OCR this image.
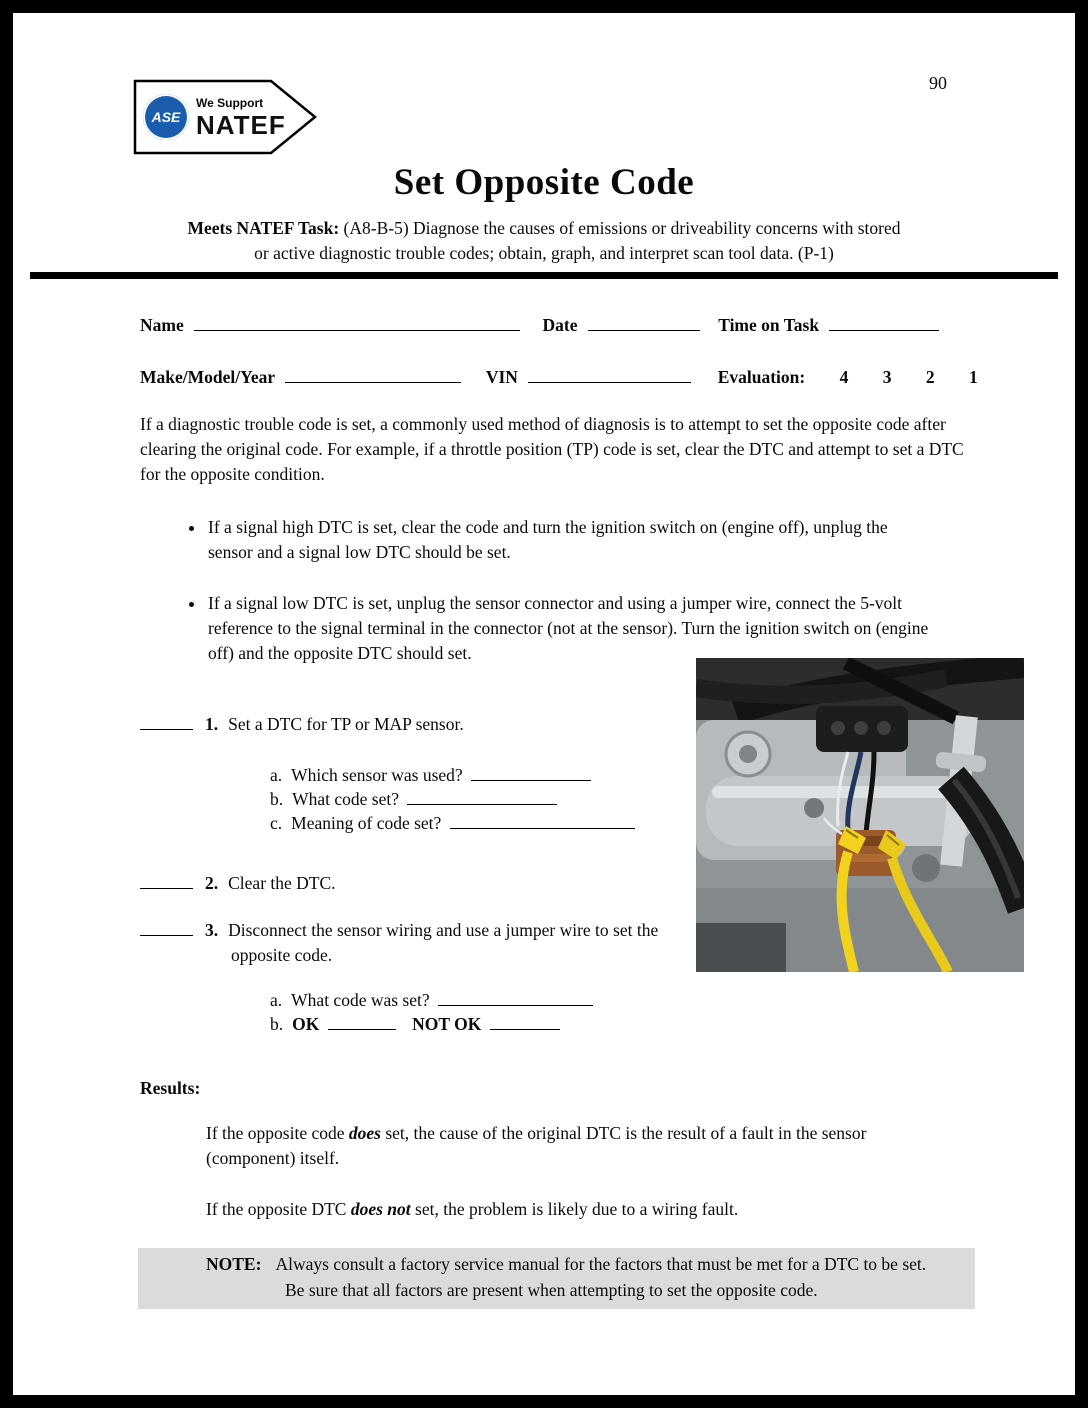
ASE
We Support
NATEF
90
Set Opposite Code
Meets NATEF Task: (A8-B-5) Diagnose the causes of emissions or driveability concerns with stored
or active diagnostic trouble codes; obtain, graph, and interpret scan tool data. (P-1)
Name	Date	Time on Task
Make/Model/Year	VIN	Evaluation: 4 3 2 1
If a diagnostic trouble code is set, a commonly used method of diagnosis is to attempt to set the opposite code after clearing the original code. For example, if a throttle position (TP) code is set, clear the DTC and attempt to set a DTC for the opposite condition.
• If a signal high DTC is set, clear the code and turn the ignition switch on (engine off), unplug the sensor and a signal low DTC should be set.
• If a signal low DTC is set, unplug the sensor connector and using a jumper wire, connect the 5-volt reference to the signal terminal in the connector (not at the sensor). Turn the ignition switch on (engine off) and the opposite DTC should set.
1. Set a DTC for TP or MAP sensor.
a. Which sensor was used?
b. What code set?
c. Meaning of code set?
2. Clear the DTC.
3. Disconnect the sensor wiring and use a jumper wire to set the opposite code.
a. What code was set?
b. OK	NOT OK
Results:
If the opposite code does set, the cause of the original DTC is the result of a fault in the sensor (component) itself.
If the opposite DTC does not set, the problem is likely due to a wiring fault.

NOTE: Always consult a factory service manual for the factors that must be met for a DTC to be set. Be sure that all factors are present when attempting to set the opposite code.
